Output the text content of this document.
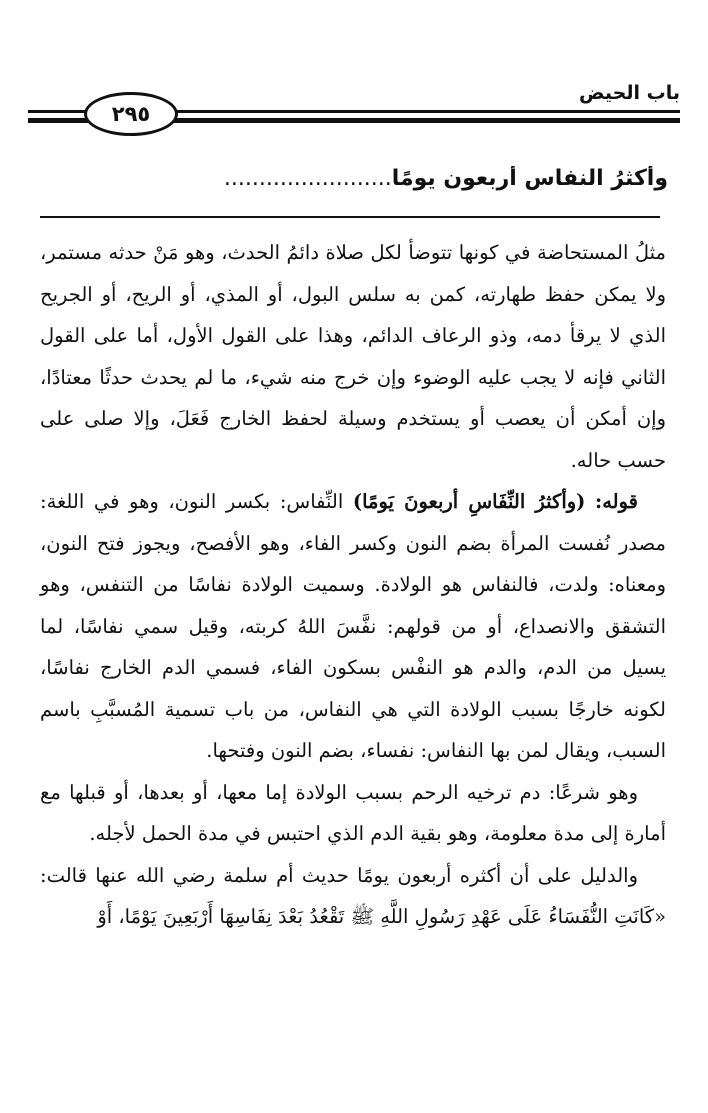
٢٩٥
باب الحيض
وأكثرُ النفاسِ أربعون يومًا........................

مثلُ المستحاضة في كونها تتوضأ لكل صلاة دائمُ الحدث، وهو مَنْ حدثه مستمر، ولا يمكن حفظ طهارته، كمن به سلس البول، أو المذي، أو الريح، أو الجريح الذي لا يرقأ دمه، وذو الرعاف الدائم، وهذا على القول الأول، أما على القول الثاني فإنه لا يجب عليه الوضوء وإن خرج منه شيء، ما لم يحدث حدثًا معتادًا، وإن أمكن أن يعصب أو يستخدم وسيلة لحفظ الخارج فَعَلَ، وإلا صلى على حسب حاله.

قوله: (وأكثرُ النِّفَاسِ أربعونَ يَومًا) النِّفاس: بكسر النون، وهو في اللغة: مصدر نُفست المرأة بضم النون وكسر الفاء، وهو الأفصح، ويجوز فتح النون، ومعناه: ولدت، فالنفاس هو الولادة. وسميت الولادة نفاسًا من التنفس، وهو التشقق والانصداع، أو من قولهم: نفَّسَ اللهُ كربته، وقيل سمي نفاسًا، لما يسيل من الدم، والدم هو النفْس بسكون الفاء، فسمي الدم الخارج نفاسًا، لكونه خارجًا بسبب الولادة التي هي النفاس، من باب تسمية المُسبَّبِ باسم السبب، ويقال لمن بها النفاس: نفساء، بضم النون وفتحها.

وهو شرعًا: دم ترخيه الرحم بسبب الولادة إما معها، أو بعدها، أو قبلها مع أمارة إلى مدة معلومة، وهو بقية الدم الذي احتبس في مدة الحمل لأجله.

والدليل على أن أكثره أربعون يومًا حديث أم سلمة رضي الله عنها قالت: «كَانَتِ النُّفَسَاءُ عَلَى عَهْدِ رَسُولِ اللَّهِ ﷺ تَقْعُدُ بَعْدَ نِفَاسِهَا أَرْبَعِينَ يَوْمًا، أَوْ
